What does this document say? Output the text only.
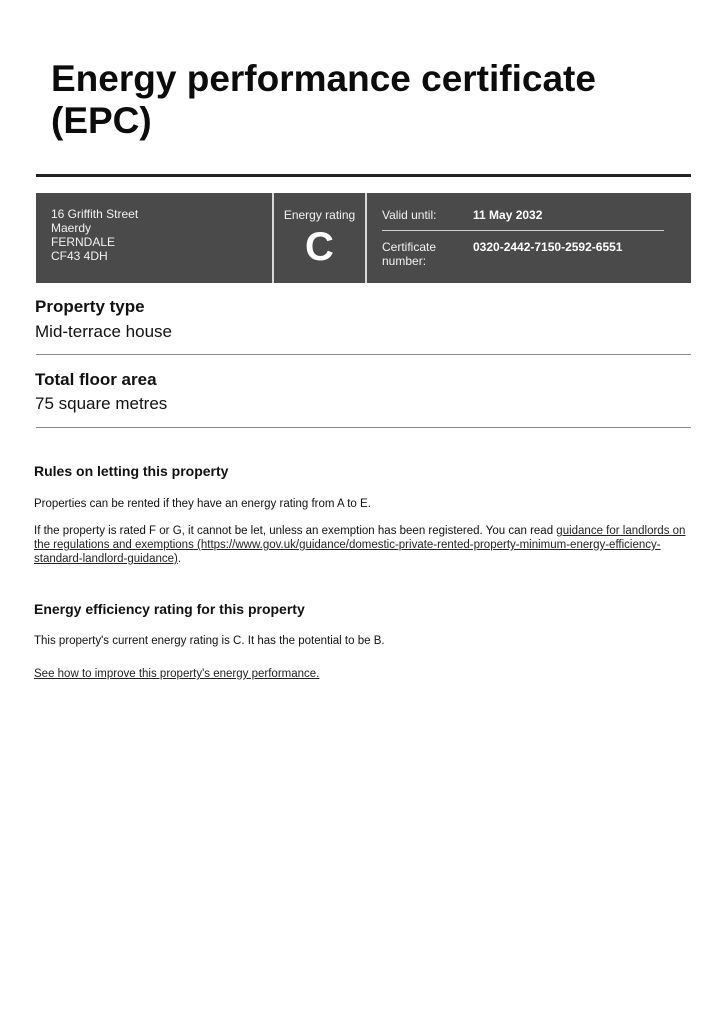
Energy performance certificate (EPC)
16 Griffith Street
Maerdy
FERNDALE
CF43 4DH
Energy rating
C
Valid until:	11 May 2032
Certificate
number:
0320-2442-7150-2592-6551
Property type
Mid-terrace house
Total floor area
75 square metres
Rules on letting this property

Properties can be rented if they have an energy rating from A to E.

If the property is rated F or G, it cannot be let, unless an exemption has been registered. You can read guidance for landlords on the regulations and exemptions (https://www.gov.uk/guidance/domestic-private-rented-property-minimum-energy-efficiency-standard-landlord-guidance).

Energy efficiency rating for this property

This property's current energy rating is C. It has the potential to be B.

See how to improve this property's energy performance.
